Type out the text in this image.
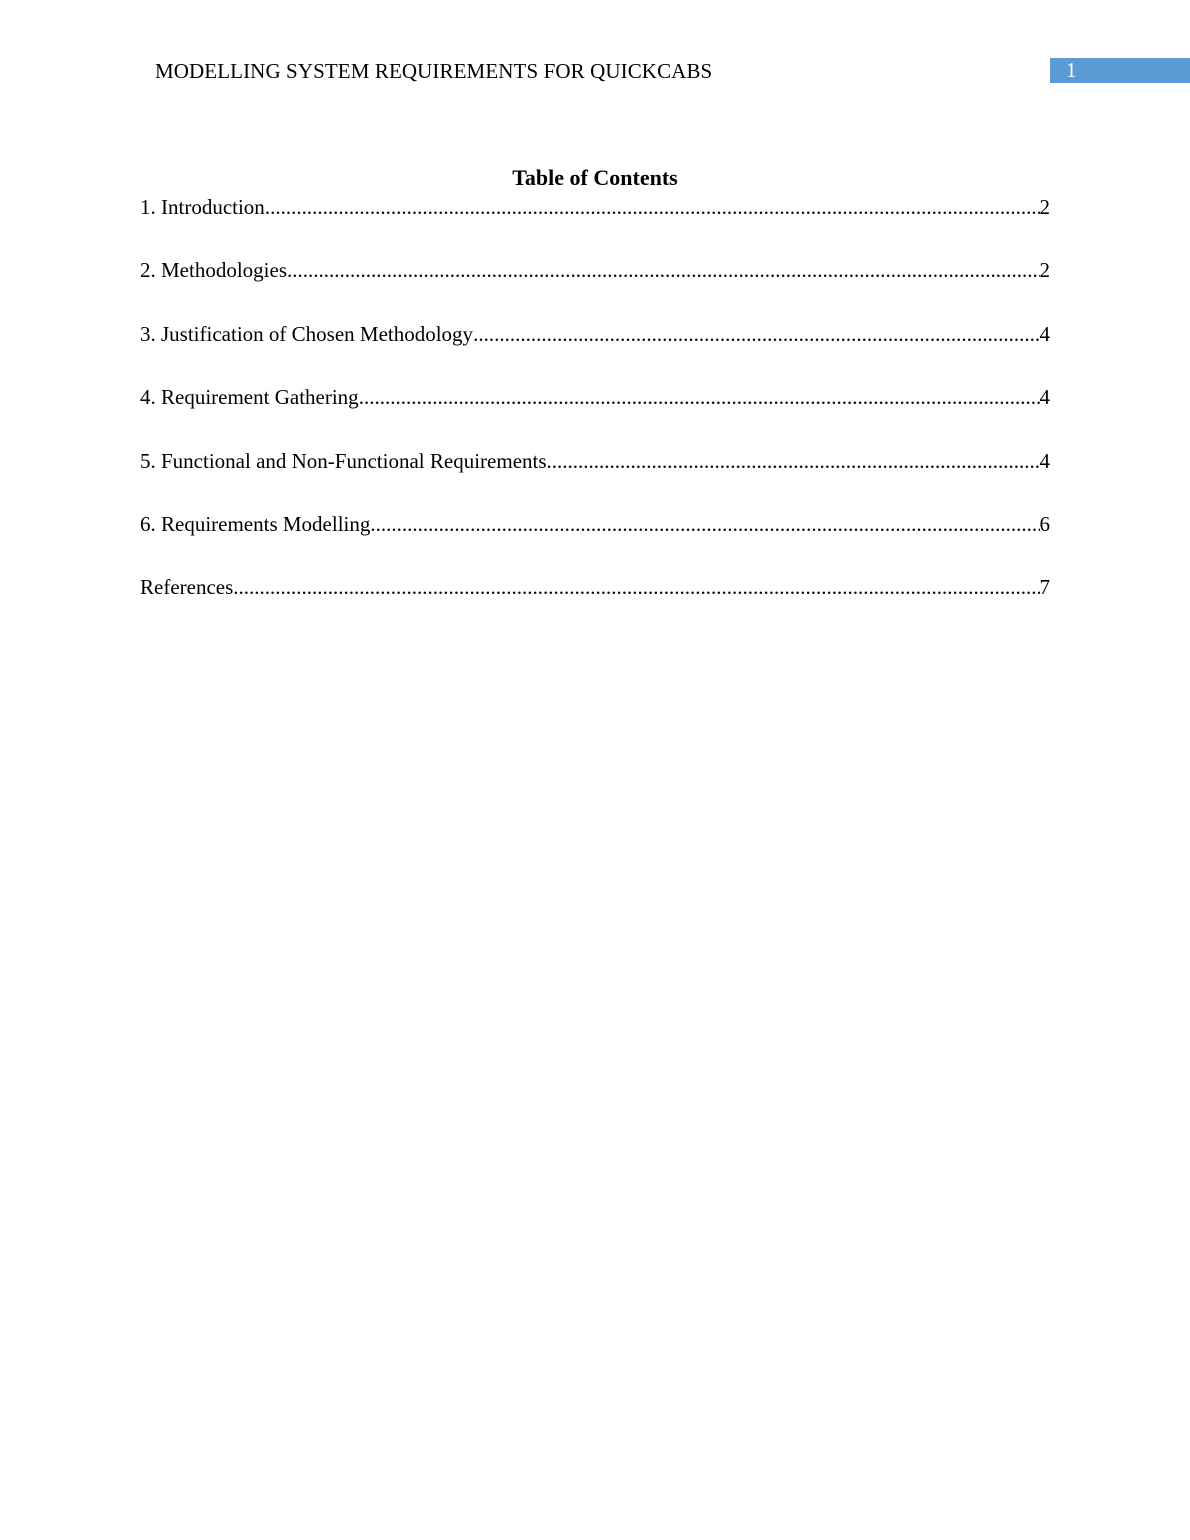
MODELLING SYSTEM REQUIREMENTS FOR QUICKCABS	1
Table of Contents
1. Introduction .....	2
2. Methodologies .....	2
3. Justification of Chosen Methodology .....	4
4. Requirement Gathering .....	4
5. Functional and Non-Functional Requirements .....	4
6. Requirements Modelling .....	6
References .....	7
